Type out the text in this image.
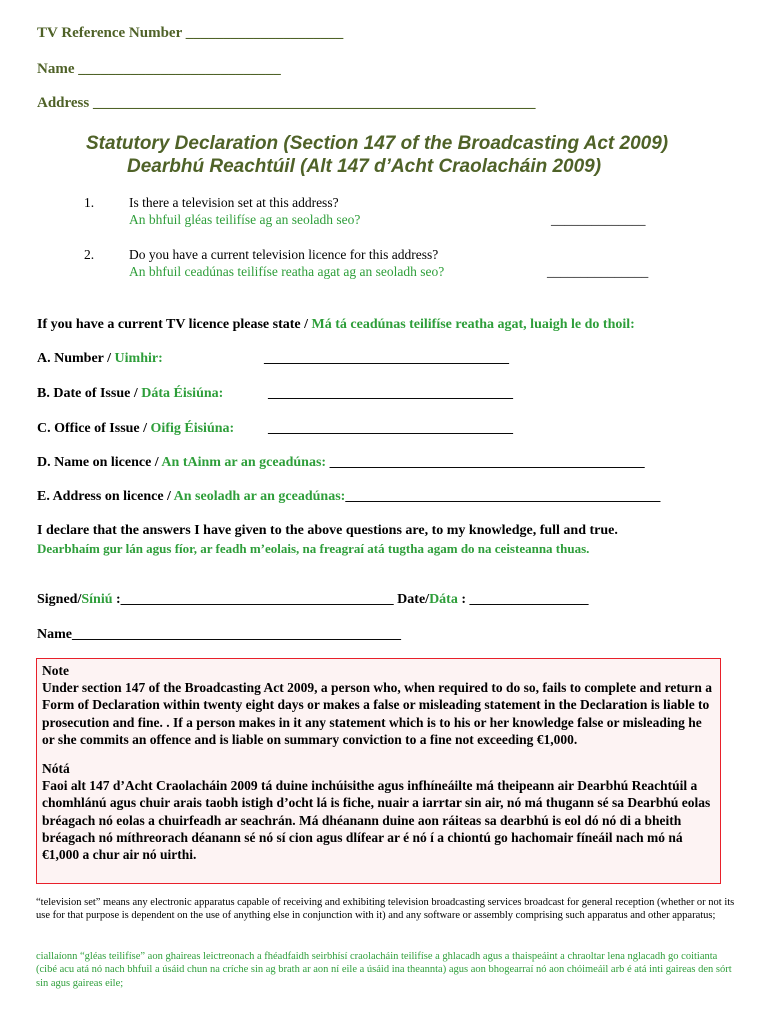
TV Reference Number _____________________
Name ___________________________
Address ___________________________________________________________
Statutory Declaration (Section 147 of the Broadcasting Act 2009)
Dearbhú Reachtúil (Alt 147 d’Acht Craolacháin 2009)
1.	Is there a television set at this address?
An bhfuil gléas teilifíse ag an seoladh seo?	______________
2.	Do you have a current television licence for this address?
An bhfuil ceadúnas teilifíse reatha agat ag an seoladh seo?	_______________
If you have a current TV licence please state / Má tá ceadúnas teilifíse reatha agat, luaigh le do thoil:
A. Number / Uimhir:	___________________________________
B. Date of Issue / Dáta Éisiúna:	___________________________________
C. Office of Issue / Oifig Éisiúna: ___________________________________
D. Name on licence / An tAinm ar an gceadúnas: _____________________________________________
E. Address on licence / An seoladh ar an gceadúnas:_____________________________________________
I declare that the answers I have given to the above questions are, to my knowledge, full and true.
Dearbhaím gur lán agus fíor, ar feadh m’eolais, na freagraí atá tugtha agam do na ceisteanna thuas.
Signed/Síniú :_______________________________________ Date/Dáta : _________________
Name_______________________________________________

Note

Under section 147 of the Broadcasting Act 2009, a person who, when required to do so, fails to complete and return a Form of Declaration within twenty eight days or makes a false or misleading statement in the Declaration is liable to prosecution and fine. . If a person makes in it any statement which is to his or her knowledge false or misleading he or she commits an offence and is liable on summary conviction to a fine not exceeding €1,000.

Nótá

Faoi alt 147 d’Acht Craolacháin 2009 tá duine inchúisithe agus infhíneáilte má theipeann air Dearbhú Reachtúil a chomhlánú agus chuir arais taobh istigh d’ocht lá is fiche, nuair a iarrtar sin air, nó má thugann sé sa Dearbhú eolas bréagach nó eolas a chuirfeadh ar seachrán. Má dhéanann duine aon ráiteas sa dearbhú is eol dó nó di a bheith bréagach nó míthreorach déanann sé nó sí cion agus dlífear ar é nó í a chiontú go hachomair fíneáil nach mó ná €1,000 a chur air nó uirthi.

“television set” means any electronic apparatus capable of receiving and exhibiting television broadcasting services broadcast for general reception (whether or not its use for that purpose is dependent on the use of anything else in conjunction with it) and any software or assembly comprising such apparatus and other apparatus;
ciallaíonn “gléas teilifíse” aon ghaireas leictreonach a fhéadfaidh seirbhísí craolacháin teilifíse a ghlacadh agus a thaispeáint a chraoltar lena nglacadh go coitianta (cibé acu atá nó nach bhfuil a úsáid chun na críche sin ag brath ar aon ní eile a úsáid ina theannta) agus aon bhogearraí nó aon chóimeáil arb é atá inti gaireas den sórt sin agus gaireas eile;
